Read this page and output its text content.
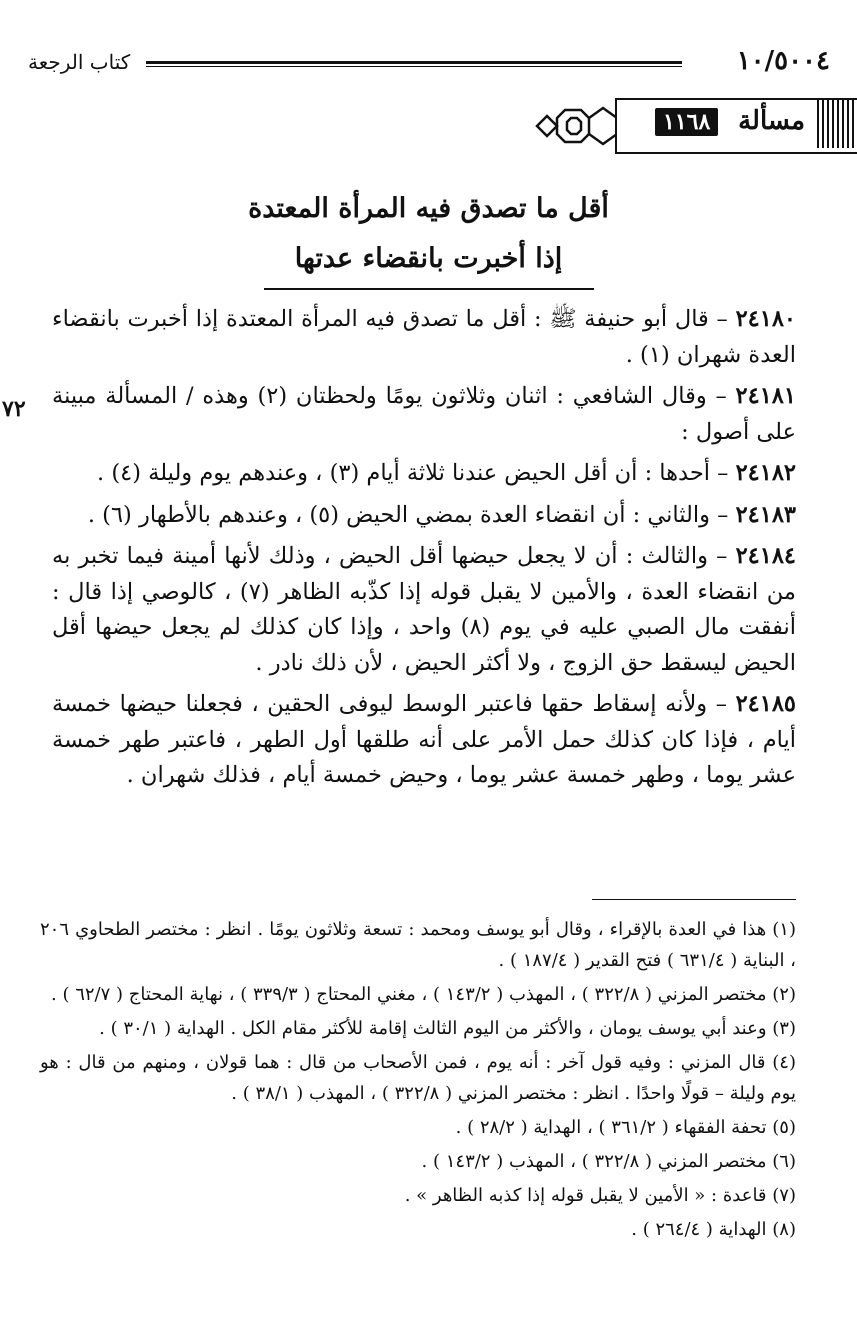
١٠/٥٠٠٤
كتاب الرجعة
١١٦٨	مسألة
أقل ما تصدق فيه المرأة المعتدة
إذا أخبرت بانقضاء عدتها
٧٢

٢٤١٨٠ – قال أبو حنيفة ﷺ : أقل ما تصدق فيه المرأة المعتدة إذا أخبرت بانقضاء العدة شهران (١) .

٢٤١٨١ – وقال الشافعي : اثنان وثلاثون يومًا ولحظتان (٢) وهذه / المسألة مبينة على أصول :

٢٤١٨٢ – أحدها : أن أقل الحيض عندنا ثلاثة أيام (٣) ، وعندهم يوم وليلة (٤) .

٢٤١٨٣ – والثاني : أن انقضاء العدة بمضي الحيض (٥) ، وعندهم بالأطهار (٦) .

٢٤١٨٤ – والثالث : أن لا يجعل حيضها أقل الحيض ، وذلك لأنها أمينة فيما تخبر به من انقضاء العدة ، والأمين لا يقبل قوله إذا كذّبه الظاهر (٧) ، كالوصي إذا قال : أنفقت مال الصبي عليه في يوم (٨) واحد ، وإذا كان كذلك لم يجعل حيضها أقل الحيض ليسقط حق الزوج ، ولا أكثر الحيض ، لأن ذلك نادر .

٢٤١٨٥ – ولأنه إسقاط حقها فاعتبر الوسط ليوفى الحقين ، فجعلنا حيضها خمسة أيام ، فإذا كان كذلك حمل الأمر على أنه طلقها أول الطهر ، فاعتبر طهر خمسة عشر يوما ، وطهر خمسة عشر يوما ، وحيض خمسة أيام ، فذلك شهران .

(١) هذا في العدة بالإقراء ، وقال أبو يوسف ومحمد : تسعة وثلاثون يومًا . انظر : مختصر الطحاوي ٢٠٦ ، البناية ( ٦٣١/٤ ) فتح القدير ( ١٨٧/٤ ) .

(٢) مختصر المزني ( ٣٢٢/٨ ) ، المهذب ( ١٤٣/٢ ) ، مغني المحتاج ( ٣٣٩/٣ ) ، نهاية المحتاج ( ٦٢/٧ ) .

(٣) وعند أبي يوسف يومان ، والأكثر من اليوم الثالث إقامة للأكثر مقام الكل . الهداية ( ٣٠/١ ) .

(٤) قال المزني : وفيه قول آخر : أنه يوم ، فمن الأصحاب من قال : هما قولان ، ومنهم من قال : هو يوم وليلة – قولًا واحدًا . انظر : مختصر المزني ( ٣٢٢/٨ ) ، المهذب ( ٣٨/١ ) .

(٥) تحفة الفقهاء ( ٣٦١/٢ ) ، الهداية ( ٢٨/٢ ) .

(٦) مختصر المزني ( ٣٢٢/٨ ) ، المهذب ( ١٤٣/٢ ) .

(٧) قاعدة : « الأمين لا يقبل قوله إذا كذبه الظاهر » .

(٨) الهداية ( ٢٦٤/٤ ) .
